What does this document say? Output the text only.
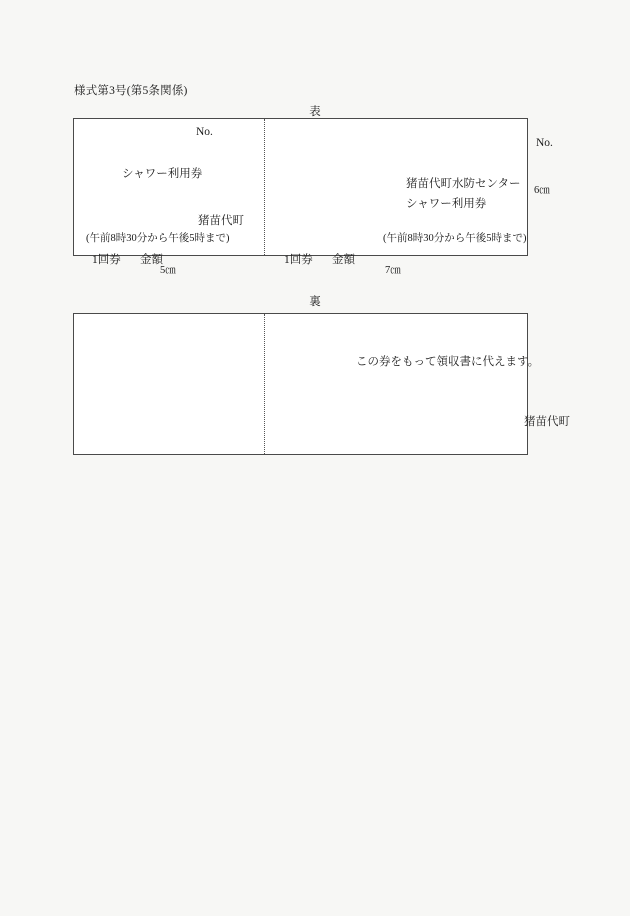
様式第3号(第5条関係)
表
No.
シャワー利用券
猪苗代町
(午前8時30分から午後5時まで)
1回券 金額
No.
猪苗代町水防センター
シャワー利用券
(午前8時30分から午後5時まで)
1回券 金額
6㎝
5㎝	7㎝
裏
この券をもって領収書に代えます。
猪苗代町
